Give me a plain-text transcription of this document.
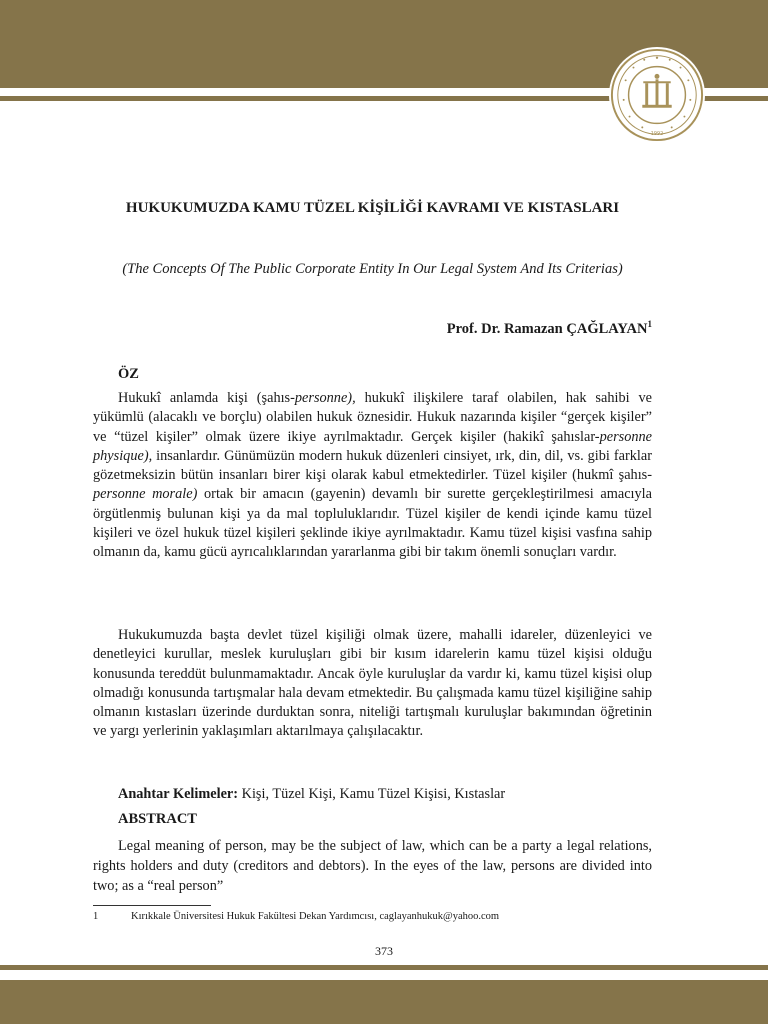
1992

HUKUKUMUZDA KAMU TÜZEL KİŞİLİĞİ KAVRAMI VE KISTASLARI

(The Concepts Of The Public Corporate Entity In Our Legal System And Its Criterias)

Prof. Dr. Ramazan ÇAĞLAYAN$^1$

ÖZ

Hukukî anlamda kişi (şahıs-personne), hukukî ilişkilere taraf olabilen, hak sahibi ve yükümlü (alacaklı ve borçlu) olabilen hukuk öznesidir. Hukuk nazarında kişiler “gerçek kişiler” ve “tüzel kişiler” olmak üzere ikiye ayrılmaktadır. Gerçek kişiler (hakikî şahıslar-personne physique), insanlardır. Günümüzün modern hukuk düzenleri cinsiyet, ırk, din, dil, vs. gibi farklar gözetmeksizin bütün insanları birer kişi olarak kabul etmektedirler. Tüzel kişiler (hukmî şahıs-personne morale) ortak bir amacın (gayenin) devamlı bir surette gerçekleştirilmesi amacıyla örgütlenmiş bulunan kişi ya da mal topluluklarıdır. Tüzel kişiler de kendi içinde kamu tüzel kişileri ve özel hukuk tüzel kişileri şeklinde ikiye ayrılmaktadır. Kamu tüzel kişisi vasfına sahip olmanın da, kamu gücü ayrıcalıklarından yararlanma gibi bir takım önemli sonuçları vardır.

Hukukumuzda başta devlet tüzel kişiliği olmak üzere, mahalli idareler, düzenleyici ve denetleyici kurullar, meslek kuruluşları gibi bir kısım idarelerin kamu tüzel kişisi olduğu konusunda tereddüt bulunmamaktadır. Ancak öyle kuruluşlar da vardır ki, kamu tüzel kişisi olup olmadığı konusunda tartışmalar hala devam etmektedir. Bu çalışmada kamu tüzel kişiliğine sahip olmanın kıstasları üzerinde durduktan sonra, niteliği tartışmalı kuruluşlar bakımından öğretinin ve yargı yerlerinin yaklaşımları aktarılmaya çalışılacaktır.

Anahtar Kelimeler: Kişi, Tüzel Kişi, Kamu Tüzel Kişisi, Kıstaslar

ABSTRACT

Legal meaning of person, may be the subject of law, which can be a party a legal relations, rights holders and duty (creditors and debtors). In the eyes of the law, persons are divided into two; as a “real person”

1	Kırıkkale Üniversitesi Hukuk Fakültesi Dekan Yardımcısı, caglayanhukuk@yahoo.com

373
